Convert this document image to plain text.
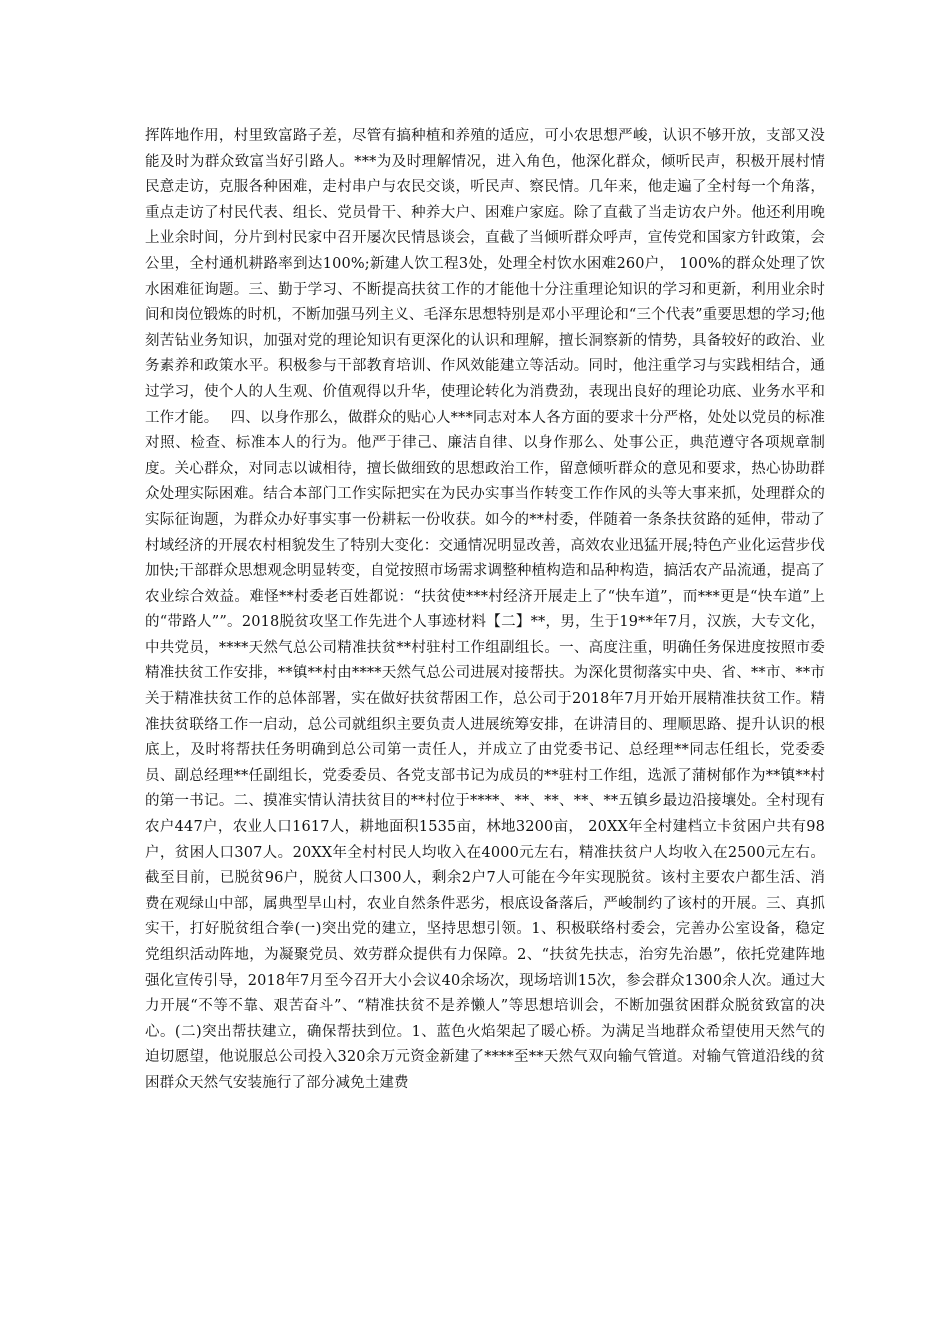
挥阵地作用，村里致富路子差，尽管有搞种植和养殖的适应，可小农思想严峻，认识不够开放，支部又没能及时为群众致富当好引路人。***为及时理解情况，进入角色，他深化群众，倾听民声，积极开展村情民意走访，克服各种困难，走村串户与农民交谈，听民声、察民情。几年来，他走遍了全村每一个角落，重点走访了村民代表、组长、党员骨干、种养大户、困难户家庭。除了直截了当走访农户外。他还利用晚上业余时间，分片到村民家中召开屡次民情恳谈会，直截了当倾听群众呼声，宣传党和国家方针政策，会公里，全村通机耕路率到达100%;新建人饮工程3处，处理全村饮水困难260户， 100%的群众处理了饮水困难征询题。三、勤于学习、不断提高扶贫工作的才能他十分注重理论知识的学习和更新，利用业余时间和岗位锻炼的时机，不断加强马列主义、毛泽东思想特别是邓小平理论和“三个代表”重要思想的学习;他刻苦钻业务知识，加强对党的理论知识有更深化的认识和理解，擅长洞察新的情势，具备较好的政治、业务素养和政策水平。积极参与干部教育培训、作风效能建立等活动。同时，他注重学习与实践相结合，通过学习，使个人的人生观、价值观得以升华，使理论转化为消费劲，表现出良好的理论功底、业务水平和工作才能。　 四、以身作那么，做群众的贴心人***同志对本人各方面的要求十分严格，处处以党员的标准对照、检查、标准本人的行为。他严于律己、廉洁自律、以身作那么、处事公正，典范遵守各项规章制度。关心群众，对同志以诚相待，擅长做细致的思想政治工作，留意倾听群众的意见和要求，热心协助群众处理实际困难。结合本部门工作实际把实在为民办实事当作转变工作作风的头等大事来抓，处理群众的实际征询题，为群众办好事实事一份耕耘一份收获。如今的**村委，伴随着一条条扶贫路的延伸，带动了村域经济的开展农村相貌发生了特别大变化：交通情况明显改善，高效农业迅猛开展;特色产业化运营步伐加快;干部群众思想观念明显转变，自觉按照市场需求调整种植构造和品种构造，搞活农产品流通，提高了农业综合效益。难怪**村委老百姓都说：“扶贫使***村经济开展走上了“快车道”，而***更是“快车道”上的“带路人””。2018脱贫攻坚工作先进个人事迹材料【二】**，男，生于19**年7月，汉族，大专文化，中共党员，****天然气总公司精准扶贫**村驻村工作组副组长。一、高度注重，明确任务保进度按照市委精准扶贫工作安排，**镇**村由****天然气总公司进展对接帮扶。为深化贯彻落实中央、省、**市、**市关于精准扶贫工作的总体部署，实在做好扶贫帮困工作，总公司于2018年7月开始开展精准扶贫工作。精准扶贫联络工作一启动，总公司就组织主要负责人进展统筹安排，在讲清目的、理顺思路、提升认识的根底上，及时将帮扶任务明确到总公司第一责任人，并成立了由党委书记、总经理**同志任组长，党委委员、副总经理**任副组长，党委委员、各党支部书记为成员的**驻村工作组，选派了蒲树郁作为**镇**村的第一书记。二、摸准实情认清扶贫目的**村位于****、**、**、**、**五镇乡最边沿接壤处。全村现有农户447户，农业人口1617人，耕地面积1535亩，林地3200亩， 20XX年全村建档立卡贫困户共有98户，贫困人口307人。20XX年全村村民人均收入在4000元左右，精准扶贫户人均收入在2500元左右。截至目前，已脱贫96户，脱贫人口300人，剩余2户7人可能在今年实现脱贫。该村主要农户都生活、消费在观绿山中部，属典型旱山村，农业自然条件恶劣，根底设备落后，严峻制约了该村的开展。三、真抓实干，打好脱贫组合拳(一)突出党的建立，坚持思想引领。1、积极联络村委会，完善办公室设备，稳定党组织活动阵地，为凝聚党员、效劳群众提供有力保障。2、“扶贫先扶志，治穷先治愚”，依托党建阵地强化宣传引导，2018年7月至今召开大小会议40余场次，现场培训15次，参会群众1300余人次。通过大力开展“不等不靠、艰苦奋斗”、“精准扶贫不是养懒人”等思想培训会，不断加强贫困群众脱贫致富的决心。(二)突出帮扶建立，确保帮扶到位。1、蓝色火焰架起了暖心桥。为满足当地群众希望使用天然气的迫切愿望，他说服总公司投入320余万元资金新建了****至**天然气双向输气管道。对输气管道沿线的贫困群众天然气安装施行了部分减免土建费
